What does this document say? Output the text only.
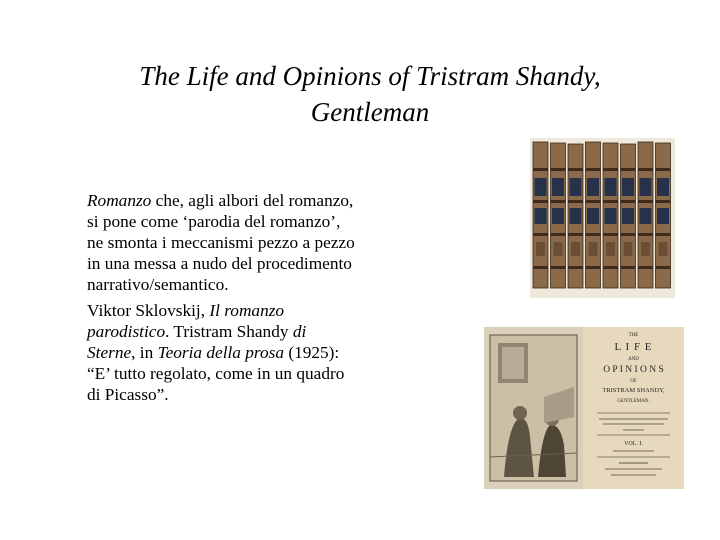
The Life and Opinions of Tristram Shandy,
Gentleman

Romanzo che, agli albori del romanzo, si pone come ‘parodia del romanzo’, ne smonta i meccanismi pezzo a pezzo in una messa a nudo del procedimento narrativo/semantico.

Viktor Sklovskij, Il romanzo parodistico. Tristram Shandy di Sterne, in Teoria della prosa (1925): “E’ tutto regolato, come in un quadro di Picasso”.

THE
L I F E
AND
O P I N I O N S
OF
TRISTRAM SHANDY,
GENTLEMAN.
VOL. I.
